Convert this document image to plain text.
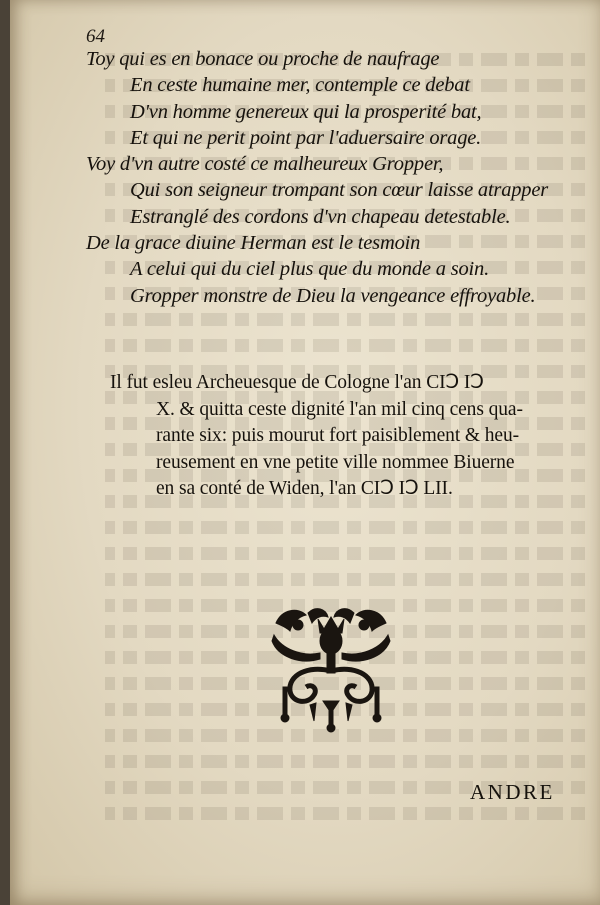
64
Toy qui es en bonace ou proche de naufrage
En ceste humaine mer, contemple ce debat
D'vn homme genereux qui la prosperité bat,
Et qui ne perit point par l'aduersaire orage.
Voy d'vn autre costé ce malheureux Gropper,
Qui son seigneur trompant son cœur laisse atrapper
Estranglé des cordons d'vn chapeau detestable.
De la grace diuine Herman est le tesmoin
A celui qui du ciel plus que du monde a soin.
Gropper monstre de Dieu la vengeance effroyable.
Il fut esleu Archeuesque de Cologne l'an CIↃ IↃ
X. & quitta ceste dignité l'an mil cinq cens qua-
rante six: puis mourut fort paisiblement & heu-
reusement en vne petite ville nommee Biuerne
en sa conté de Widen, l'an CIↃ IↃ LII.
ANDRE
